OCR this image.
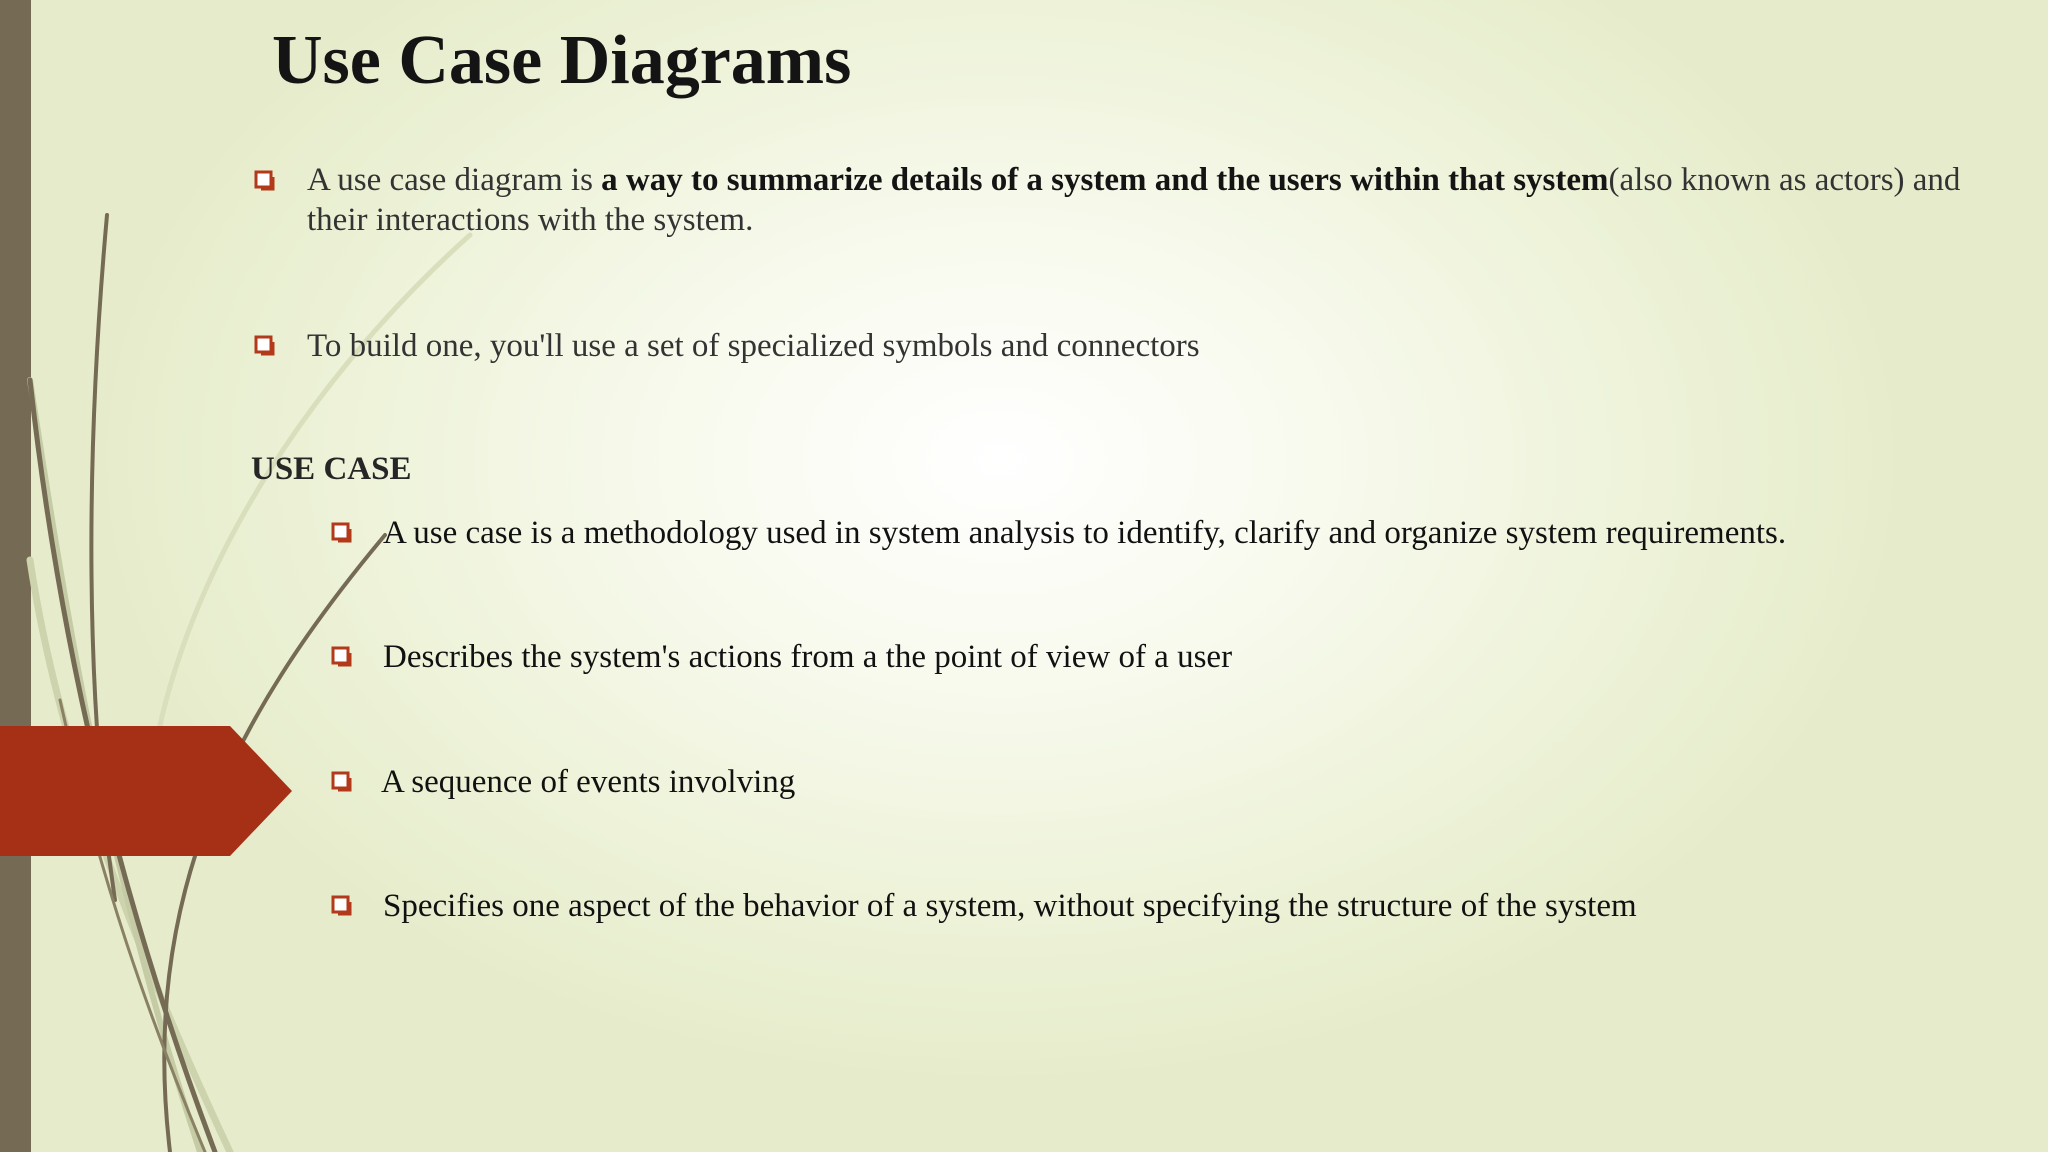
Use Case Diagrams
A use case diagram is a way to summarize details of a system and the users within that system(also known as actors) and their interactions with the system.
To build one, you'll use a set of specialized symbols and connectors
USE CASE
A use case is a methodology used in system analysis to identify, clarify and organize system requirements.
Describes the system's actions from a the point of view of a user
A sequence of events involving
Specifies one aspect of the behavior of a system, without specifying the structure of the system
